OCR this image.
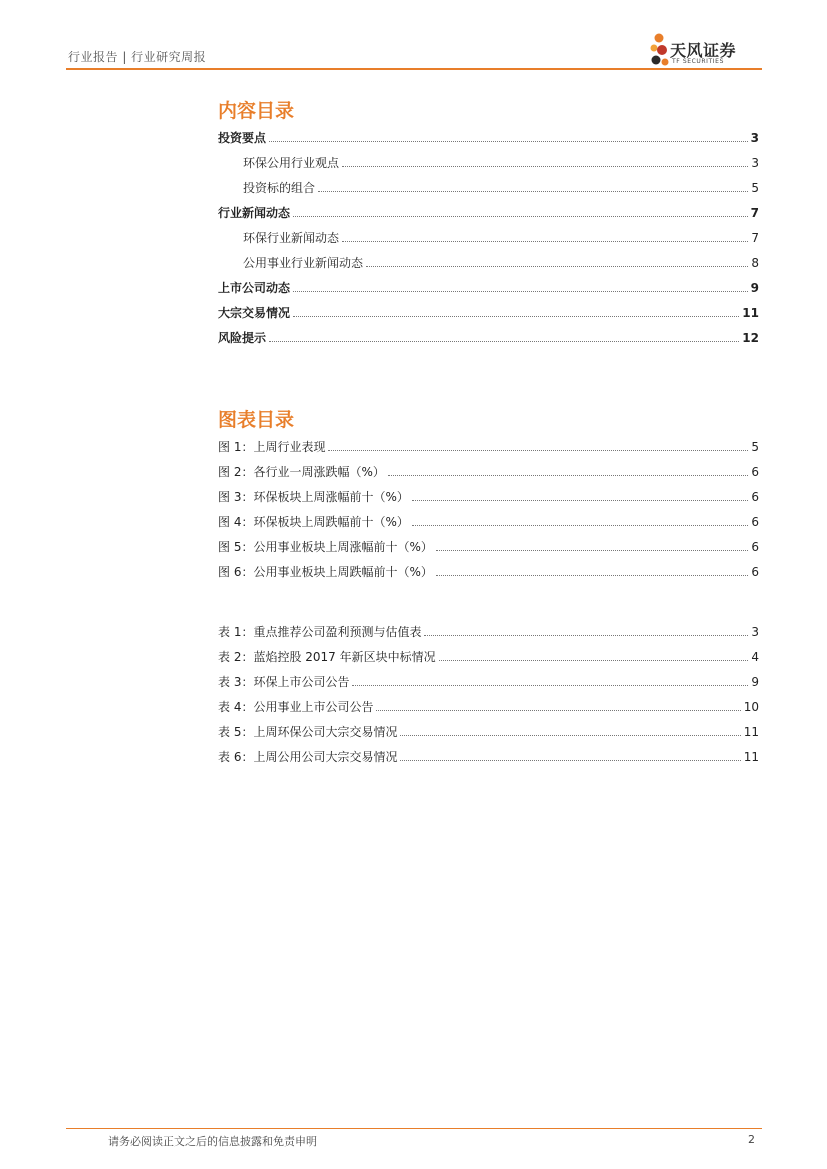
行业报告 | 行业研究周报	天风证券
TF SECURITIES
内容目录
投资要点	3
环保公用行业观点	3
投资标的组合	5
行业新闻动态	7
环保行业新闻动态	7
公用事业行业新闻动态	8
上市公司动态	9
大宗交易情况	11
风险提示	12
图表目录
图 1：上周行业表现	5
图 2：各行业一周涨跌幅（%）	6
图 3：环保板块上周涨幅前十（%）	6
图 4：环保板块上周跌幅前十（%）	6
图 5：公用事业板块上周涨幅前十（%）	6
图 6：公用事业板块上周跌幅前十（%）	6
表 1：重点推荐公司盈利预测与估值表	3
表 2：蓝焰控股 2017 年新区块中标情况	4
表 3：环保上市公司公告	9
表 4：公用事业上市公司公告	10
表 5：上周环保公司大宗交易情况	11
表 6：上周公用公司大宗交易情况	11
请务必阅读正文之后的信息披露和免责申明	2
